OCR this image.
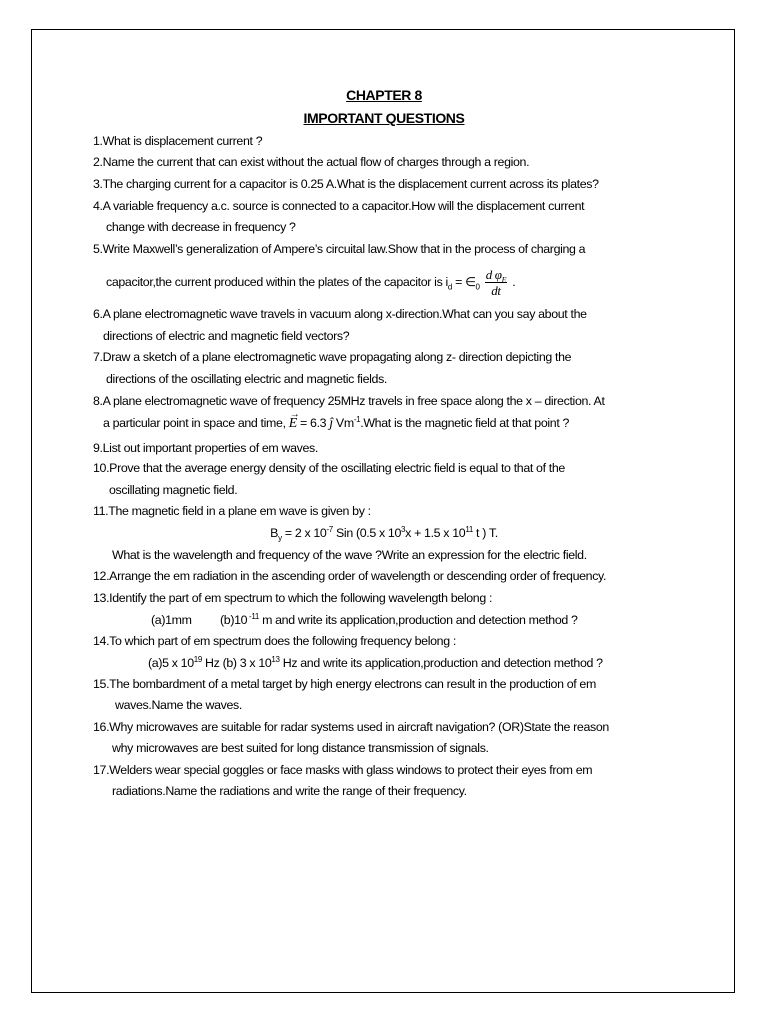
CHAPTER 8
IMPORTANT QUESTIONS
1.What is displacement current ?
2.Name the current that can exist without the actual flow of charges through a region.
3.The charging current for a capacitor is 0.25 A.What is the displacement current across its plates?
4.A variable frequency a.c. source is connected to a capacitor.How will the displacement current
change with decrease in frequency ?
5.Write Maxwell’s generalization of Ampere’s circuital law.Show that in the process of charging a
capacitor,the current produced within the plates of the capacitor is $i_d$ = $\in_0 \frac{d \varphi_E}{dt}$ .
6.A plane electromagnetic wave travels in vacuum along x-direction.What can you say about the
directions of electric and magnetic field vectors?
7.Draw a sketch of a plane electromagnetic wave propagating along z- direction depicting the
directions of the oscillating electric and magnetic fields.
8.A plane electromagnetic wave of frequency 25MHz travels in free space along the x – direction. At
a particular point in space and time, E
→
= 6.3 ĵ $Vm^{-1}.What$ is the magnetic field at that point ?
9.List out important properties of em waves.
10.Prove that the average energy density of the oscillating electric field is equal to that of the
oscillating magnetic field.
11.The magnetic field in a plane em wave is given by :
$B_y = 2$ x $10^{-7}$ Sin (0.5 x $10^3x + 1.5$ x $10^{11}$ t ) T.
What is the wavelength and frequency of the wave ?Write an expression for the electric field.
12.Arrange the em radiation in the ascending order of wavelength or descending order of frequency.
13.Identify the part of em spectrum to which the following wavelength belong :
(a)1mm (b)10 $^{-11}$ m and write its application,production and detection method ?
14.To which part of em spectrum does the following frequency belong :
(a)5 x $10^{19}$ Hz (b) 3 x $10^{13}$ Hz and write its application,production and detection method ?
15.The bombardment of a metal target by high energy electrons can result in the production of em
waves.Name the waves.
16.Why microwaves are suitable for radar systems used in aircraft navigation? (OR)State the reason
why microwaves are best suited for long distance transmission of signals.
17.Welders wear special goggles or face masks with glass windows to protect their eyes from em
radiations.Name the radiations and write the range of their frequency.
